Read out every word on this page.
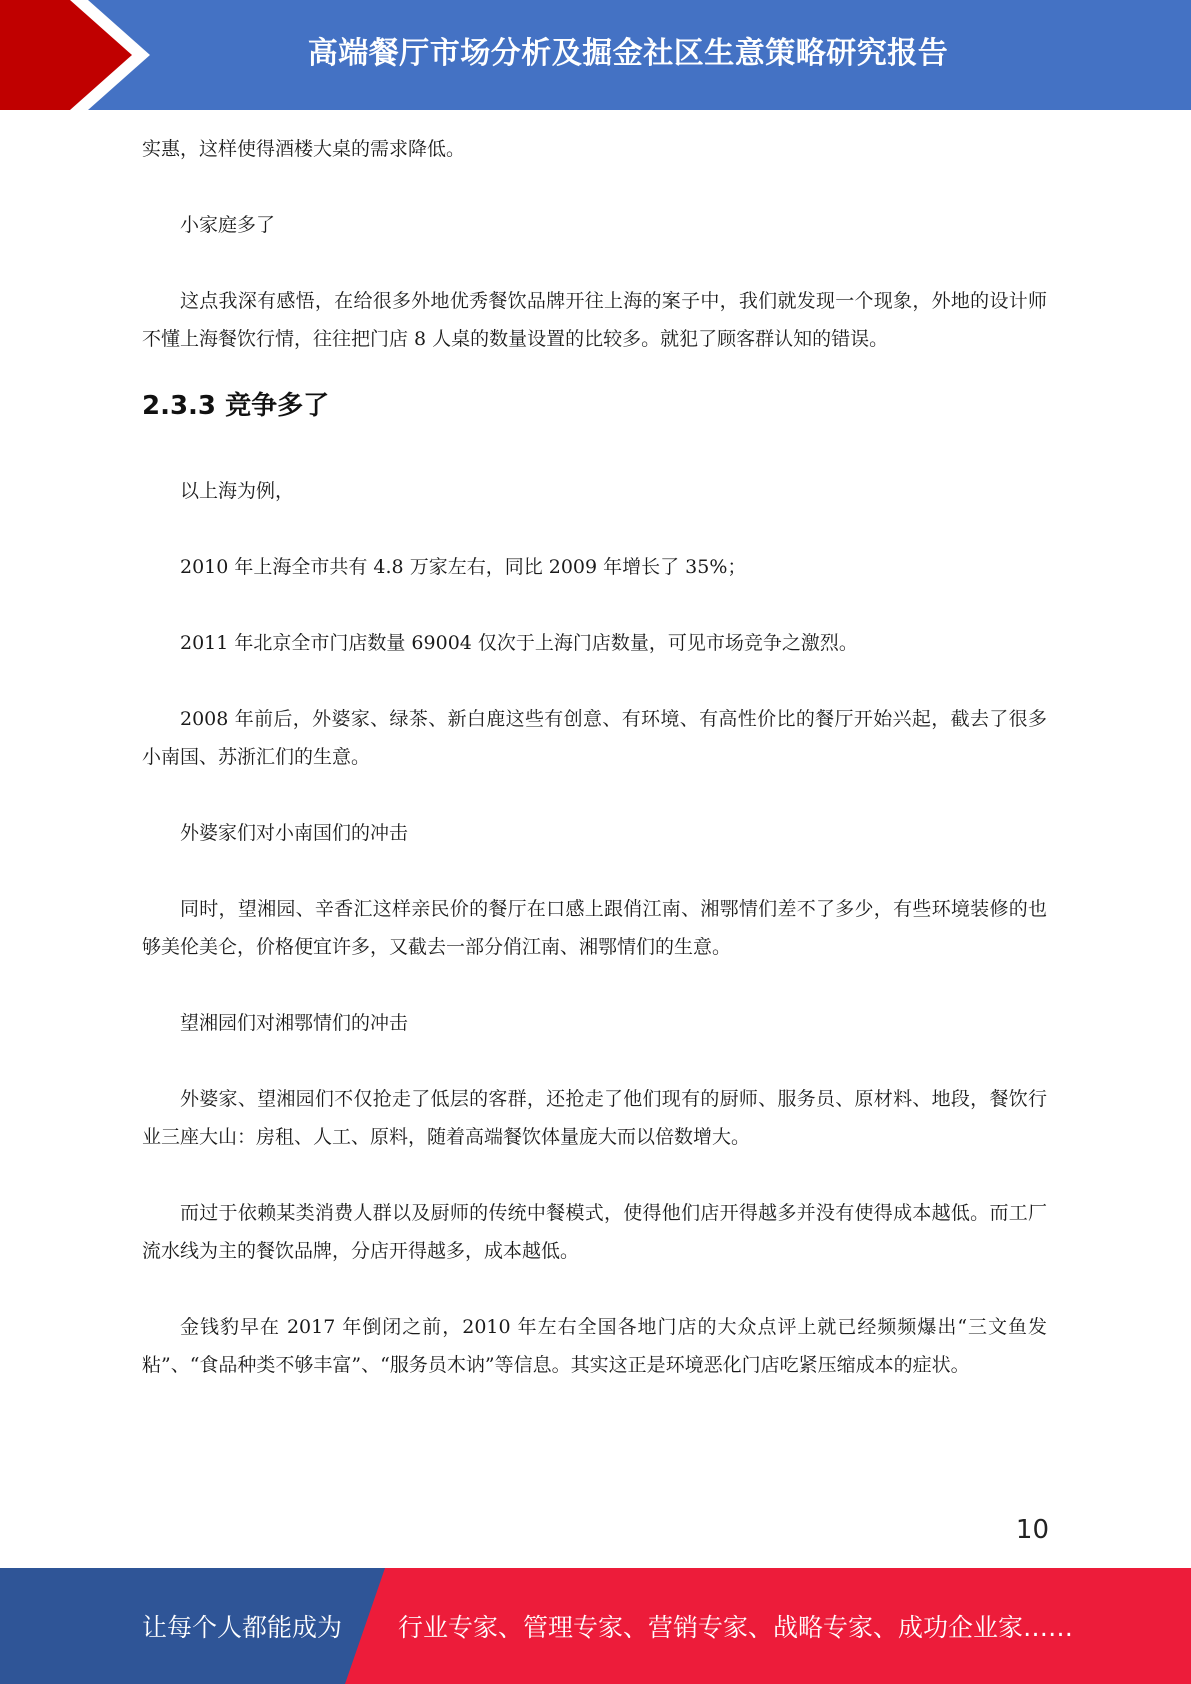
高端餐厅市场分析及掘金社区生意策略研究报告

实惠，这样使得酒楼大桌的需求降低。

小家庭多了

这点我深有感悟，在给很多外地优秀餐饮品牌开往上海的案子中，我们就发现一个现象，外地的设计师不懂上海餐饮行情，往往把门店 8 人桌的数量设置的比较多。就犯了顾客群认知的错误。

2.3.3 竞争多了

以上海为例，

2010 年上海全市共有 4.8 万家左右，同比 2009 年增长了 35%；

2011 年北京全市门店数量 69004 仅次于上海门店数量，可见市场竞争之激烈。

2008 年前后，外婆家、绿茶、新白鹿这些有创意、有环境、有高性价比的餐厅开始兴起，截去了很多小南国、苏浙汇们的生意。

外婆家们对小南国们的冲击

同时，望湘园、辛香汇这样亲民价的餐厅在口感上跟俏江南、湘鄂情们差不了多少，有些环境装修的也够美伦美仑，价格便宜许多，又截去一部分俏江南、湘鄂情们的生意。

望湘园们对湘鄂情们的冲击

外婆家、望湘园们不仅抢走了低层的客群，还抢走了他们现有的厨师、服务员、原材料、地段，餐饮行业三座大山：房租、人工、原料，随着高端餐饮体量庞大而以倍数增大。

而过于依赖某类消费人群以及厨师的传统中餐模式，使得他们店开得越多并没有使得成本越低。而工厂流水线为主的餐饮品牌，分店开得越多，成本越低。

金钱豹早在 2017 年倒闭之前，2010 年左右全国各地门店的大众点评上就已经频频爆出“三文鱼发粘”、“食品种类不够丰富”、“服务员木讷”等信息。其实这正是环境恶化门店吃紧压缩成本的症状。

10
让每个人都能成为 行业专家、管理专家、营销专家、战略专家、成功企业家……
